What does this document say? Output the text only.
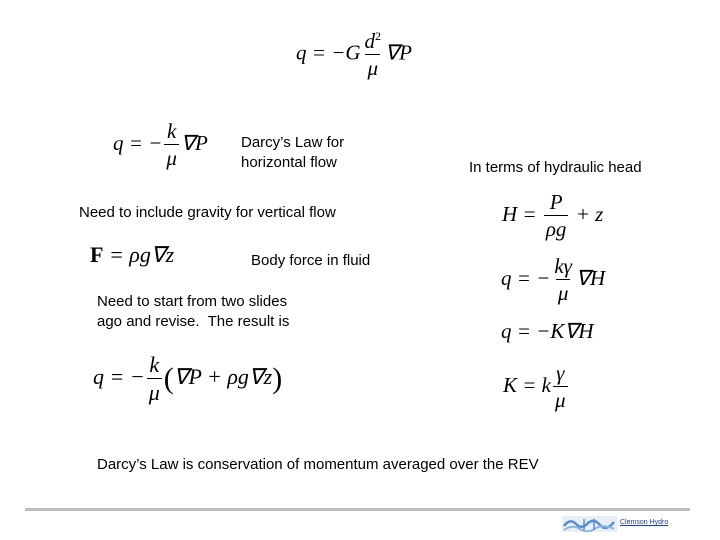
$q = -G \frac{d^2}{\mu} \nabla P$
q = − $\frac{k}{\mu} \nabla P$ Darcy’s Law for
horizontal flow	In terms of hydraulic head
Need to include gravity for vertical flow	$H = \frac{P}{\rho g} + z$
F = ρg∇z	Body force in fluid
q = − $\frac{k\gamma}{\mu} \nabla H$
Need to start from two slides
ago and revise.  The result is	q = −K∇H
q = − $\frac{k}{\mu} (\nabla P + \rho g\nabla z)$	K = k $\frac{\gamma}{\mu}$
Darcy’s Law is conservation of momentum averaged over the REV
Clemson Hydro
